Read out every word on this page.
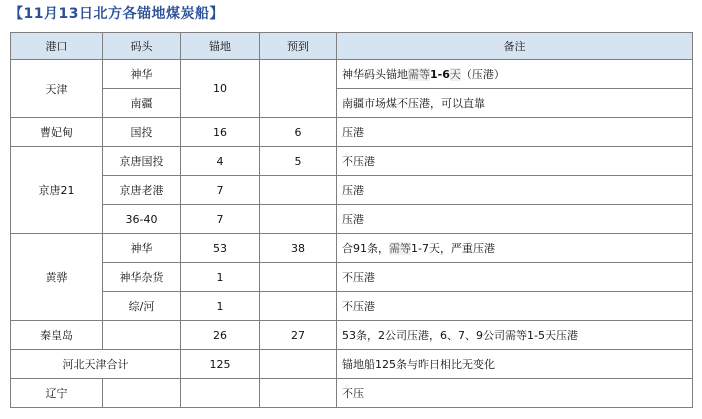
【11月13日北方各锚地煤炭船】
港口	码头	锚地	预到	备注
天津	神华	10		神华码头锚地需等1-6天（压港）
	南疆			南疆市场煤不压港，可以直靠
曹妃甸	国投	16	6	压港
京唐21	京唐国投	4	5	不压港
	京唐老港	7		压港
	36-40	7		压港
黄骅	神华	53	38	合91条，需等1-7天，严重压港
	神华杂货	1		不压港
	综/河	1		不压港
秦皇岛		26	27	53条，2公司压港，6、7、9公司需等1-5天压港
河北天津合计		125		锚地船125条与昨日相比无变化
辽宁				不压
